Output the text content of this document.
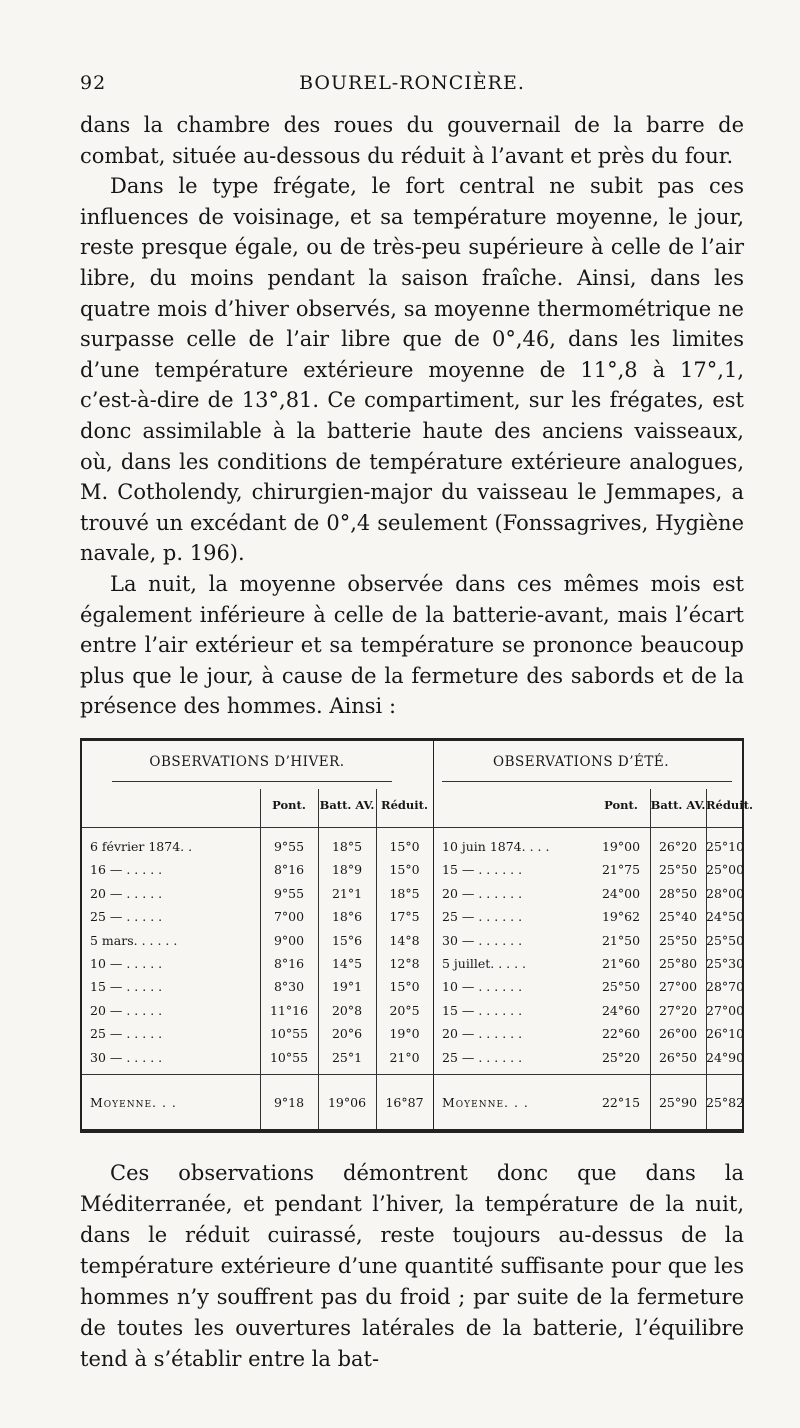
92	BOUREL-RONCIÈRE.

dans la chambre des roues du gouvernail de la barre de combat, située au-dessous du réduit à l’avant et près du four.

Dans le type frégate, le fort central ne subit pas ces influences de voisinage, et sa température moyenne, le jour, reste presque égale, ou de très-peu supérieure à celle de l’air libre, du moins pendant la saison fraîche. Ainsi, dans les quatre mois d’hiver observés, sa moyenne thermométrique ne surpasse celle de l’air libre que de 0°,46, dans les limites d’une température extérieure moyenne de 11°,8 à 17°,1, c’est-à-dire de 13°,81. Ce compartiment, sur les frégates, est donc assimilable à la batterie haute des anciens vaisseaux, où, dans les conditions de température extérieure analogues, M. Cotholendy, chirurgien-major du vaisseau le Jemmapes, a trouvé un excédant de 0°,4 seulement (Fonssagrives, Hygiène navale, p. 196).

La nuit, la moyenne observée dans ces mêmes mois est également inférieure à celle de la batterie-avant, mais l’écart entre l’air extérieur et sa température se prononce beaucoup plus que le jour, à cause de la fermeture des sabords et de la présence des hommes. Ainsi :

OBSERVATIONS D’HIVER.	OBSERVATIONS D’ÉTÉ.
Pont.	Batt. AV. Réduit.	Pont.	Batt. AV. Réduit.
6 février 1874. .	9°55	18°5	15°0	10 juin 1874. . . .	19°00	26°20 25°10
16 — . . . . .	8°16	18°9	15°0	15 — . . . . . .	21°75	25°50 25°00
20 — . . . . .	9°55	21°1	18°5	20 — . . . . . .	24°00	28°50 28°00
25 — . . . . .	7°00	18°6	17°5	25 — . . . . . .	19°62	25°40 24°50
5 mars. . . . . .	9°00	15°6	14°8	30 — . . . . . .	21°50	25°50 25°50
10 — . . . . .	8°16	14°5	12°8	5 juillet. . . . .	21°60	25°80 25°30
15 — . . . . .	8°30	19°1	15°0	10 — . . . . . .	25°50	27°00 28°70
20 — . . . . .	11°16	20°8	20°5	15 — . . . . . .	24°60	27°20 27°00
25 — . . . . .	10°55	20°6	19°0	20 — . . . . . .	22°60	26°00 26°10
30 — . . . . .	10°55	25°1	21°0	25 — . . . . . .	25°20	26°50 24°90
Moyenne. . .	9°18	19°06	16°87	Moyenne. . .	22°15	25°90 25°82

Ces observations démontrent donc que dans la Méditerranée, et pendant l’hiver, la température de la nuit, dans le réduit cuirassé, reste toujours au-dessus de la température extérieure d’une quantité suffisante pour que les hommes n’y souffrent pas du froid ; par suite de la fermeture de toutes les ouvertures latérales de la batterie, l’équilibre tend à s’établir entre la bat-
